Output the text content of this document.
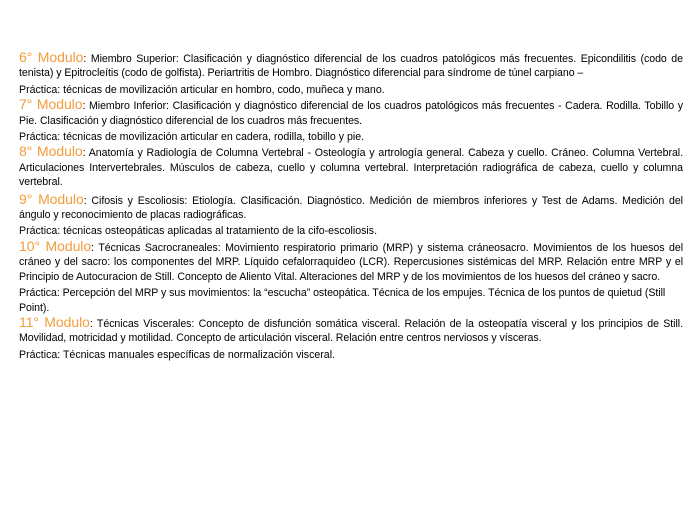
6° Modulo: Miembro Superior: Clasificación y diagnóstico diferencial de los cuadros patológicos más frecuentes. Epicondilitis (codo de tenista) y Epitrocleítis (codo de golfista). Periartritis de Hombro. Diagnóstico diferencial para síndrome de túnel carpiano –

Práctica: técnicas de movilización articular en hombro, codo, muñeca y mano.

7° Modulo: Miembro Inferior: Clasificación y diagnóstico diferencial de los cuadros patológicos más frecuentes - Cadera. Rodilla. Tobillo y Pie. Clasificación y diagnóstico diferencial de los cuadros más frecuentes.

Práctica: técnicas de movilización articular en cadera, rodilla, tobillo y pie.

8° Modulo: Anatomía y Radiología de Columna Vertebral - Osteología y artrología general. Cabeza y cuello. Cráneo. Columna Vertebral. Articulaciones Intervertebrales. Músculos de cabeza, cuello y columna vertebral. Interpretación radiográfica de cabeza, cuello y columna vertebral.

9° Modulo: Cifosis y Escoliosis: Etiología. Clasificación. Diagnóstico. Medición de miembros inferiores y Test de Adams. Medición del ángulo y reconocimiento de placas radiográficas.

Práctica: técnicas osteopáticas aplicadas al tratamiento de la cifo-escoliosis.

10° Modulo: Técnicas Sacrocraneales: Movimiento respiratorio primario (MRP) y sistema cráneosacro. Movimientos de los huesos del cráneo y del sacro: los componentes del MRP. Líquido cefalorraquídeo (LCR). Repercusiones sistémicas del MRP. Relación entre MRP y el Principio de Autocuracion de Still. Concepto de Aliento Vital. Alteraciones del MRP y de los movimientos de los huesos del cráneo y sacro.

Práctica: Percepción del MRP y sus movimientos: la “escucha” osteopática. Técnica de los empujes. Técnica de los puntos de quietud (Still Point).

11° Modulo: Técnicas Viscerales: Concepto de disfunción somática visceral. Relación de la osteopatía visceral y los principios de Still. Movilidad, motricidad y motilidad. Concepto de articulación visceral. Relación entre centros nerviosos y vísceras.

Práctica: Técnicas manuales específicas de normalización visceral.
